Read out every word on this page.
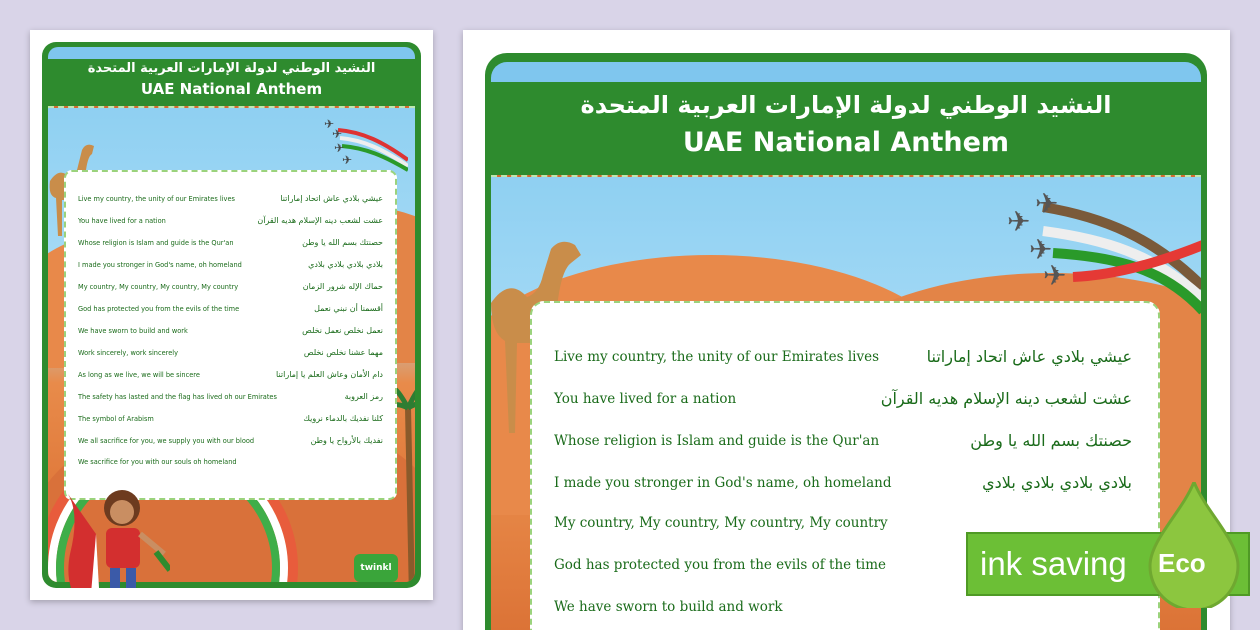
النشيد الوطني لدولة الإمارات العربية المتحدة
UAE National Anthem
✈
✈
✈
✈
Live my country, the unity of our Emirates lives	عيشي بلادي عاش اتحاد إماراتنا
You have lived for a nation	عشت لشعب دينه الإسلام هديه القرآن
Whose religion is Islam and guide is the Qur'an	حصنتك بسم الله يا وطن
I made you stronger in God's name, oh homeland	بلادي بلادي بلادي بلادي
My country, My country, My country, My country	حماك الإله شرور الزمان
God has protected you from the evils of the time	أقسمنا أن نبني نعمل
We have sworn to build and work	نعمل نخلص نعمل نخلص
Work sincerely, work sincerely	مهما عشنا نخلص نخلص
As long as we live, we will be sincere	دام الأمان وعاش العلم يا إماراتنا
The safety has lasted and the flag has lived oh our Emirates	رمز العروبة
The symbol of Arabism	كلنا نفديك بالدماء نرويك
We all sacrifice for you, we supply you with our blood	نفديك بالأرواح يا وطن
We sacrifice for you with our souls oh homeland
twinkl
النشيد الوطني لدولة الإمارات العربية المتحدة
UAE National Anthem
✈
✈
✈
✈
Live my country, the unity of our Emirates lives	عيشي بلادي عاش اتحاد إماراتنا
You have lived for a nation	عشت لشعب دينه الإسلام هديه القرآن
Whose religion is Islam and guide is the Qur'an	حصنتك بسم الله يا وطن
I made you stronger in God's name, oh homeland	بلادي بلادي بلادي بلادي
My country, My country, My country, My country
God has protected you from the evils of the time
We have sworn to build and work
ink saving Eco
